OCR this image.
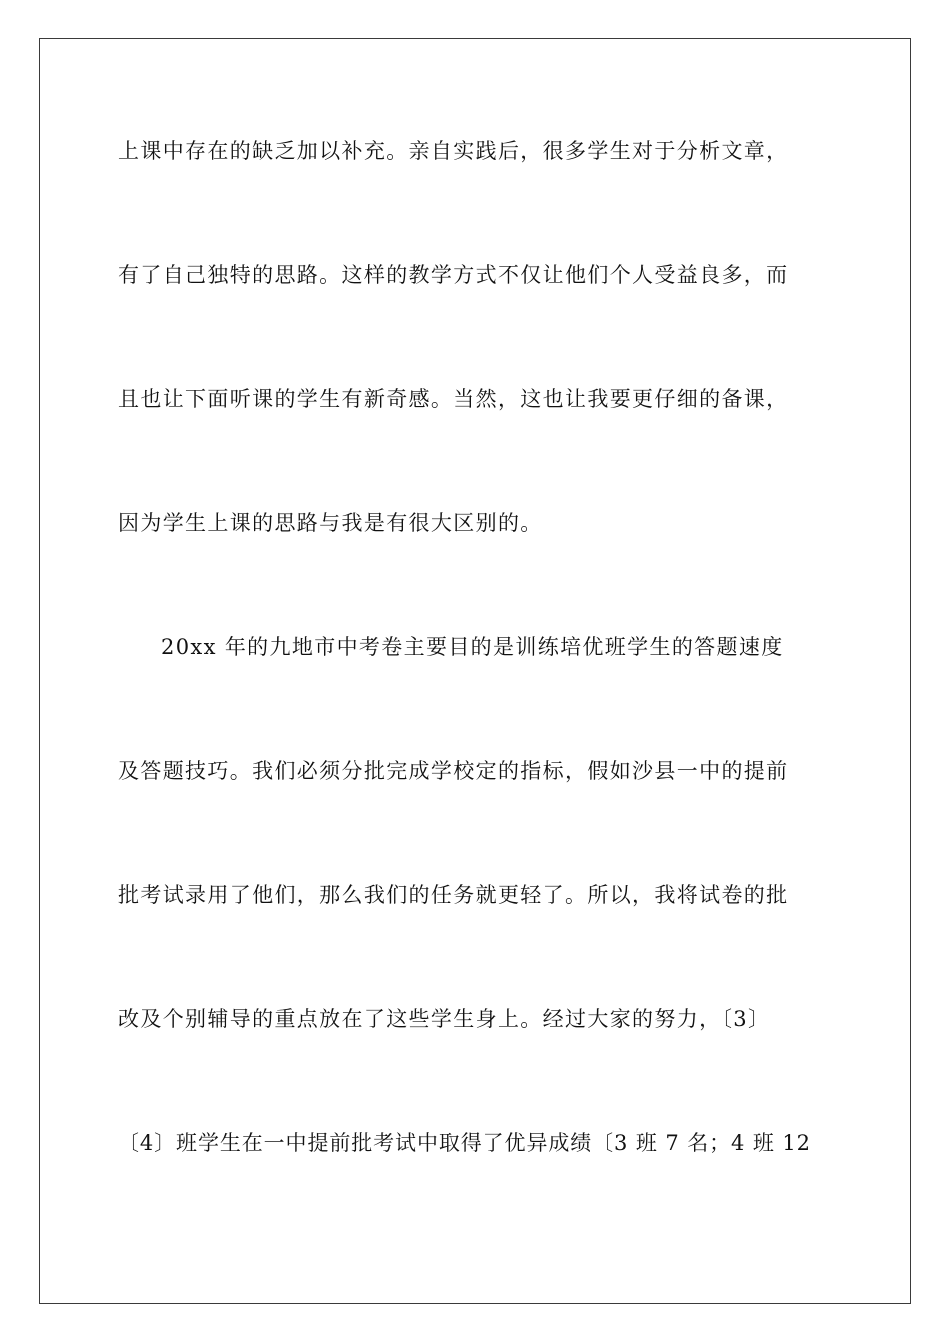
上课中存在的缺乏加以补充。亲自实践后，很多学生对于分析文章，
有了自己独特的思路。这样的教学方式不仅让他们个人受益良多，而
且也让下面听课的学生有新奇感。当然，这也让我要更仔细的备课，
因为学生上课的思路与我是有很大区别的。
20xx 年的九地市中考卷主要目的是训练培优班学生的答题速度
及答题技巧。我们必须分批完成学校定的指标，假如沙县一中的提前
批考试录用了他们，那么我们的任务就更轻了。所以，我将试卷的批
改及个别辅导的重点放在了这些学生身上。经过大家的努力，〔3〕
〔4〕班学生在一中提前批考试中取得了优异成绩〔3 班 7 名；4 班 12
